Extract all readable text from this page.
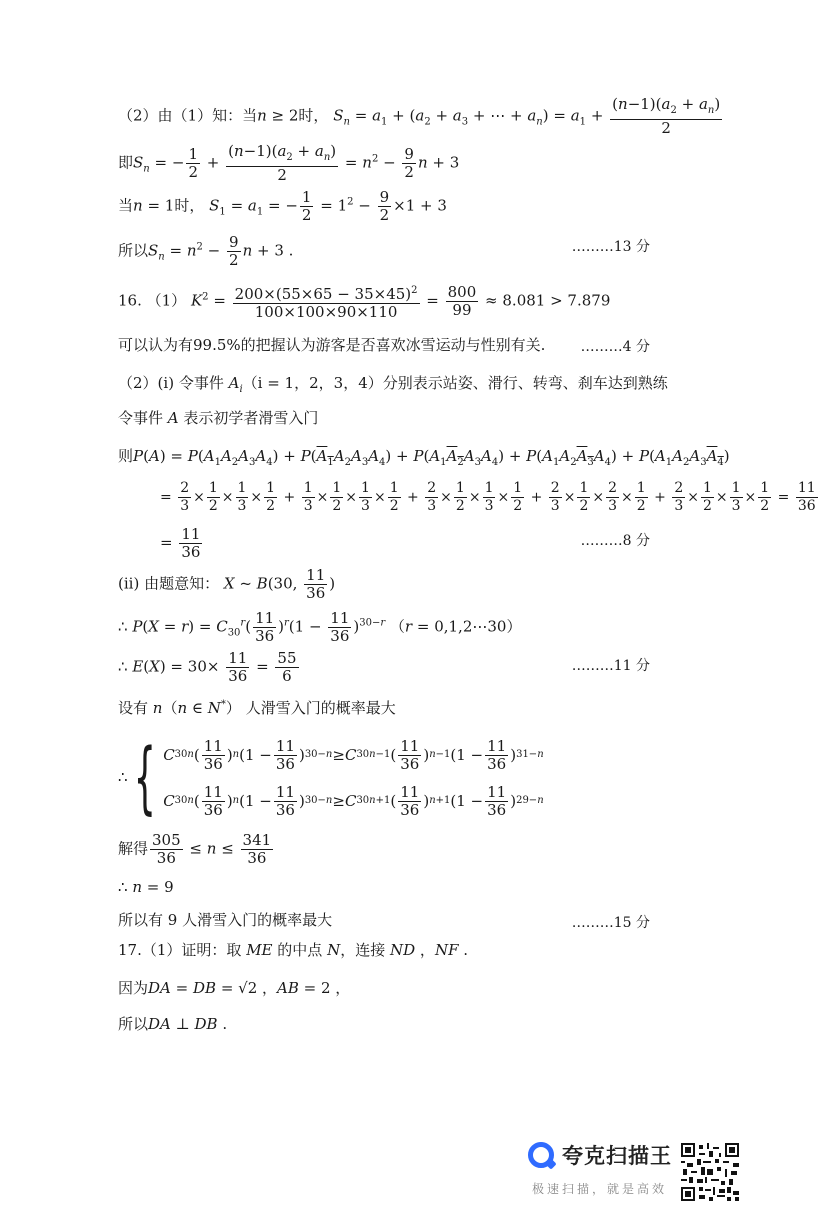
（2）由（1）知：当n ≥ 2时， $S_n = a_1 + (a_2 + a_3$ + ⋯ + $a_n) = a_1 + \frac{(n-1)(a_2 + a_n)}{2}$
即$S_n$ = − $\frac{1}{2} + \frac{(n-1)(a_2 + a_n)}{2} = n^2 - \frac{9}{2}$ n + 3
当n = 1时， $S_1 = a_1$ = − $\frac{1}{2} = 1^2 - \frac{9}{2} \times 1 + 3$
所以$S_n = n^2 - \frac{9}{2}$ n + 3 .	………13 分
16. （1） $K^2 = \frac{200\times(55\times 65 - 35\times 45)^2}{100\times 100\times 90\times 110} = \frac{800}{99} \approx 8.081 > 7.879$
可以认为有99.5%的把握认为游客是否喜欢冰雪运动与性别有关.	………4 分
（2）(i) 令事件 $A_i(i = 1$，2，3，4）分别表示站姿、滑行、转弯、刹车达到熟练
令事件 A 表示初学者滑雪入门
则$P(A) = P(A_1A_2A_3A_4) + P(A_1A_2A_3A_4) + P(A_1A_2A_3A_4) + P(A_1A_2A_3A_4) + P(A_1A_2A_3A_4)$
= $\frac{2}{3} \times \frac{1}{2} \times \frac{1}{3} \times \frac{1}{2} + \frac{1}{3} \times \frac{1}{2} \times \frac{1}{3} \times \frac{1}{2} + \frac{2}{3} \times \frac{1}{2} \times \frac{1}{3} \times \frac{1}{2} + \frac{2}{3} \times \frac{1}{2} \times \frac{2}{3} \times \frac{1}{2} + \frac{2}{3} \times \frac{1}{2} \times \frac{1}{3} \times \frac{1}{2} = \frac{11}{36}$
= $\frac{11}{36}$	………8 分
(ii) 由题意知： X ~ B(30, $\frac{11}{36}$ )
∴ $P(X = r) = C_{30}^r( \frac{11}{36} )^r(1 - \frac{11}{36} )^{30-r}$ （r = 0,1,2⋯30）
∴ $E(X) = 30\times \frac{11}{36} = \frac{55}{6}$	………11 分
设有 n（n ∈ N*） 人滑雪入门的概率最大
∴{ C 30 n ( $\frac{11}{36}$ ) n ($1 - \frac{11}{36}$ ) 30−n ≥ C 30 n−1 ( $\frac{11}{36}$ ) n−1 ($1 - \frac{11}{36}$ ) 31−n
C 30 n ( $\frac{11}{36}$ ) n ($1 - \frac{11}{36}$ ) 30−n ≥ C 30 n+1 ( $\frac{11}{36}$ ) n+1 ($1 - \frac{11}{36}$ ) 29−n
解得 $\frac{305}{36} \le n \le \frac{341}{36}$
∴ n = 9
所以有 9 人滑雪入门的概率最大	………15 分
17.（1）证明：取 ME 的中点 N，连接 ND ，NF .
因为DA = DB = √2 ，AB = 2 ，
所以DA ⊥ DB .
夸克扫描王
极速扫描，就是高效
